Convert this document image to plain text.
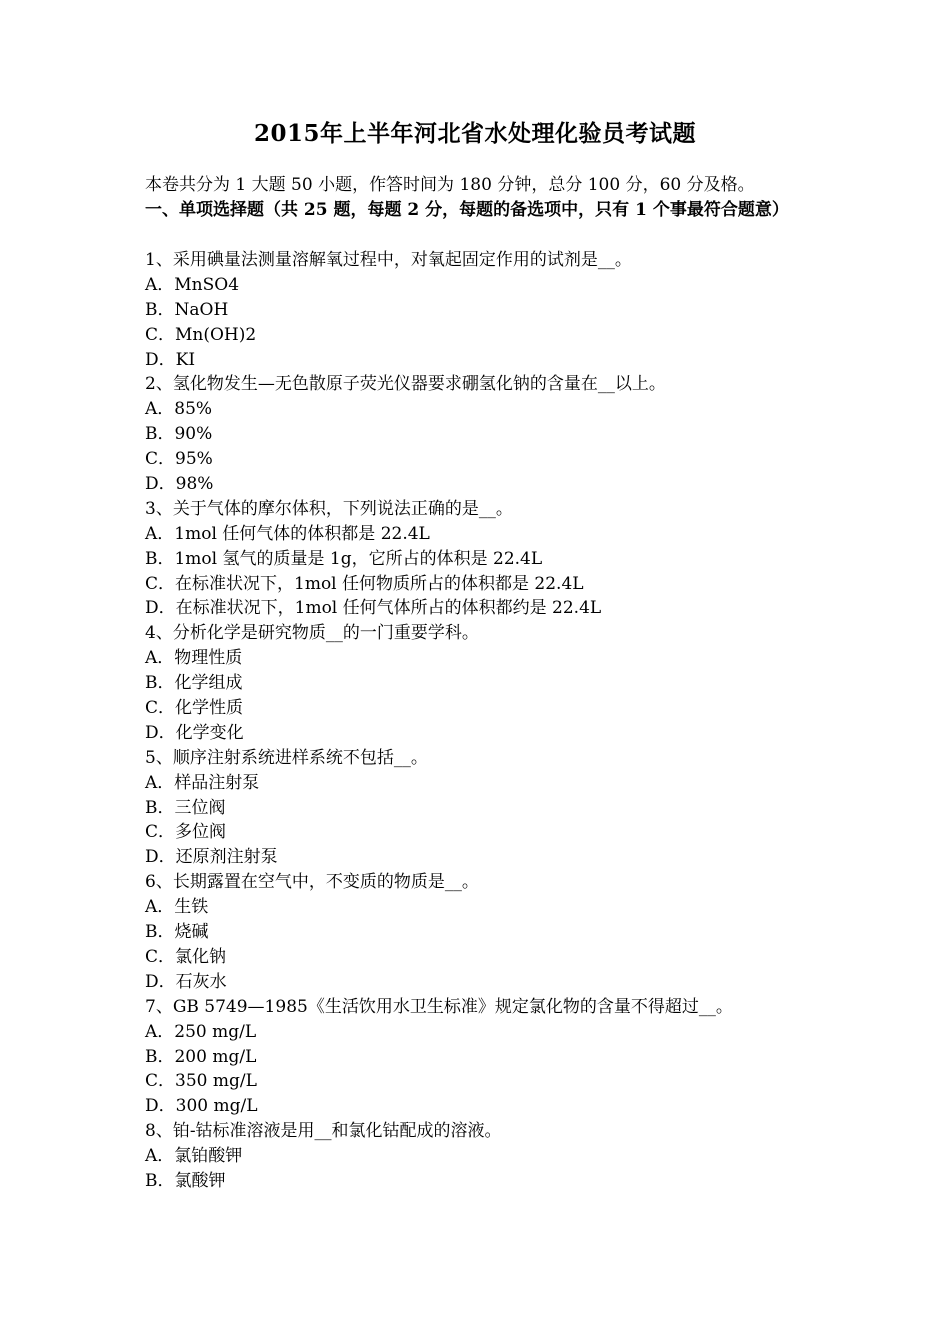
2015年上半年河北省水处理化验员考试题
本卷共分为 1 大题 50 小题，作答时间为 180 分钟，总分 100 分，60 分及格。
一、单项选择题（共 25 题，每题 2 分，每题的备选项中，只有 1 个事最符合题意）
1、采用碘量法测量溶解氧过程中，对氧起固定作用的试剂是__。
A．MnSO4
B．NaOH
C．Mn(OH)2
D．KI
2、氢化物发生—无色散原子荧光仪器要求硼氢化钠的含量在__以上。
A．85%
B．90%
C．95%
D．98%
3、关于气体的摩尔体积，下列说法正确的是__。
A．1mol 任何气体的体积都是 22.4L
B．1mol 氢气的质量是 1g，它所占的体积是 22.4L
C．在标准状况下，1mol 任何物质所占的体积都是 22.4L
D．在标准状况下，1mol 任何气体所占的体积都约是 22.4L
4、分析化学是研究物质__的一门重要学科。
A．物理性质
B．化学组成
C．化学性质
D．化学变化
5、顺序注射系统进样系统不包括__。
A．样品注射泵
B．三位阀
C．多位阀
D．还原剂注射泵
6、长期露置在空气中，不变质的物质是__。
A．生铁
B．烧碱
C．氯化钠
D．石灰水
7、GB 5749—1985《生活饮用水卫生标准》规定氯化物的含量不得超过__。
A．250 mg/L
B．200 mg/L
C．350 mg/L
D．300 mg/L
8、铂-钴标准溶液是用__和氯化钴配成的溶液。
A．氯铂酸钾
B．氯酸钾
